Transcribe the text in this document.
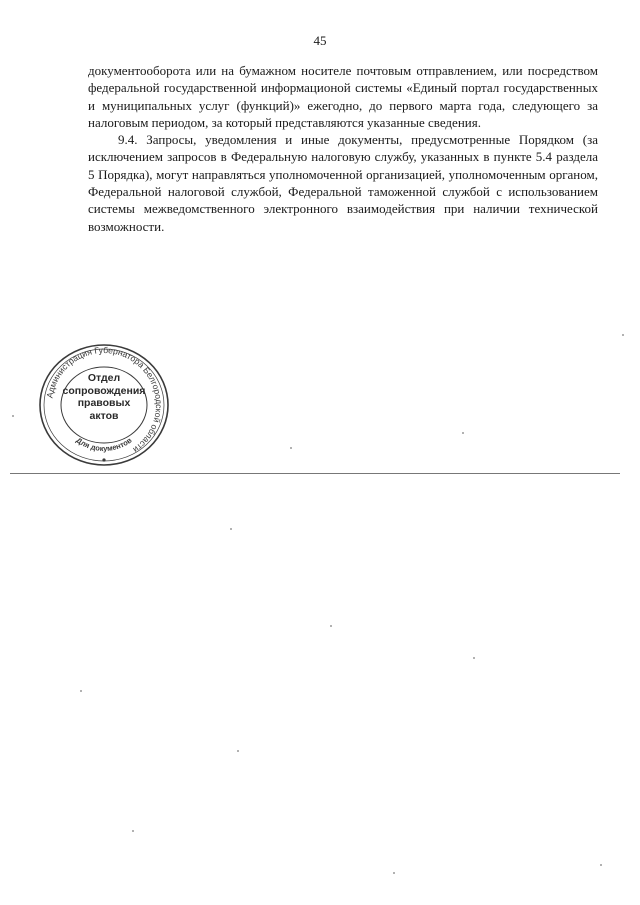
45

документооборота или на бумажном носителе почтовым отправлением, или посредством федеральной государственной информационой системы «Единый портал государственных и муниципальных услуг (функций)» ежегодно, до первого марта года, следующего за налоговым периодом, за который представляются указанные сведения.

9.4. Запросы, уведомления и иные документы, предусмотренные Порядком (за исключением запросов в Федеральную налоговую службу, указанных в пункте 5.4 раздела 5 Порядка), могут направляться уполномоченной организацией, уполномоченным органом, Федеральной налоговой службой, Федеральной таможенной службой с использованием системы межведомственного электронного взаимодействия при наличии технической возможности.

Администрация Губернатора Белгородской области
Для документов
Отдел
сопровождения
правовых
актов
